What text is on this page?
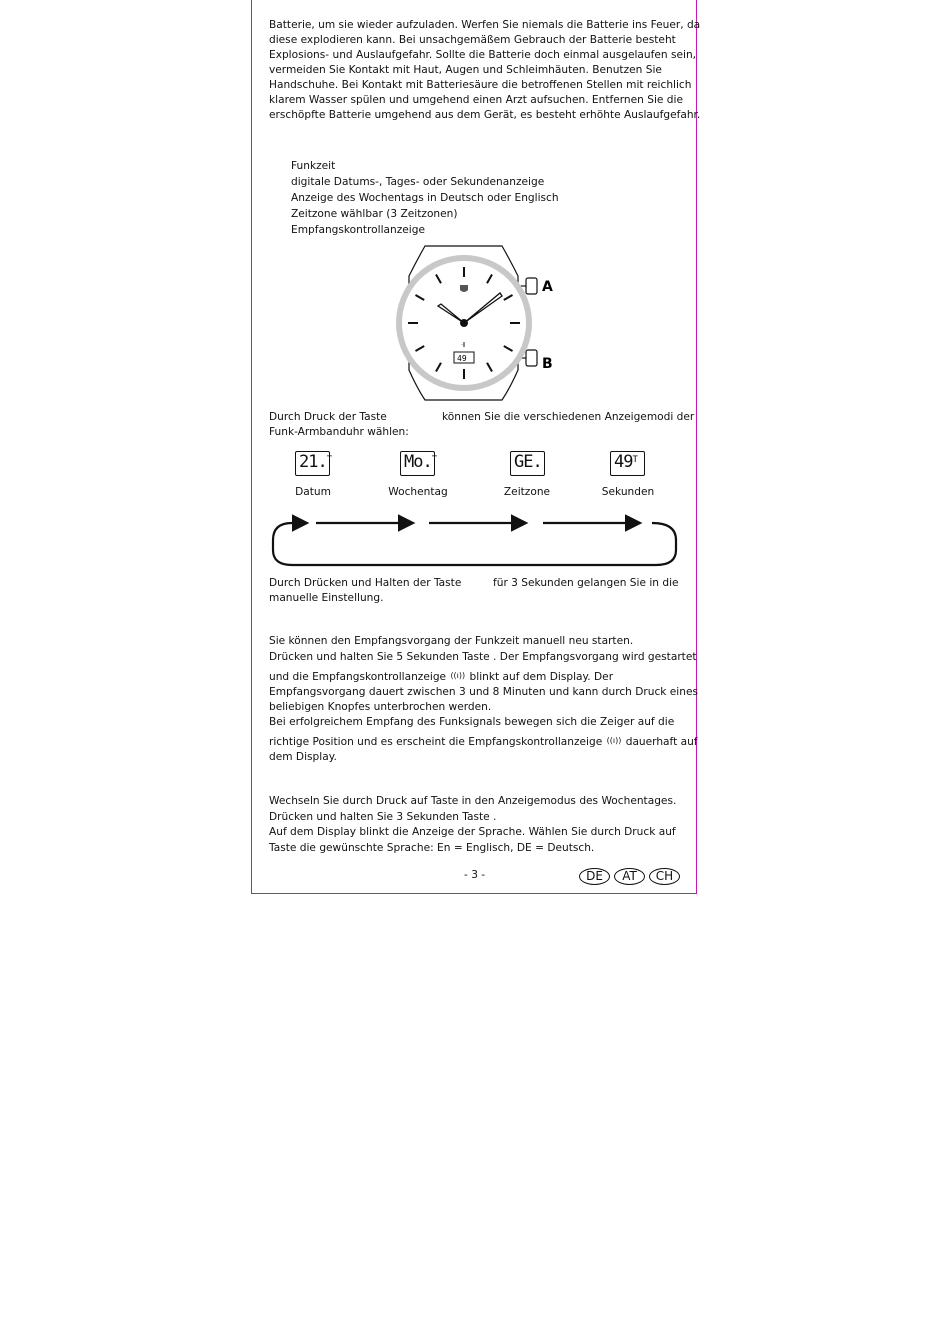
Batterie, um sie wieder aufzuladen. Werfen Sie niemals die Batterie ins Feuer, da
diese explodieren kann. Bei unsachgemäßem Gebrauch der Batterie besteht
Explosions- und Auslaufgefahr. Sollte die Batterie doch einmal ausgelaufen sein,
vermeiden Sie Kontakt mit Haut, Augen und Schleimhäuten. Benutzen Sie
Handschuhe. Bei Kontakt mit Batteriesäure die betroffenen Stellen mit reichlich
klarem Wasser spülen und umgehend einen Arzt aufsuchen. Entfernen Sie die
erschöpfte Batterie umgehend aus dem Gerät, es besteht erhöhte Auslaufgefahr.
Funkzeit
digitale Datums-, Tages- oder Sekundenanzeige
Anzeige des Wochentags in Deutsch oder Englisch
Zeitzone wählbar (3 Zeitzonen)
Empfangskontrollanzeige
ᐧ
49
A
B
Durch Druck der Taste	können Sie die verschiedenen Anzeigemodi der
Funk-Armbanduhr wählen:
21.$^T$	Mo.$^T$	GE.	$49^T$
Datum	Wochentag	Zeitzone	Sekunden
Durch Drücken und Halten der Taste	für 3 Sekunden gelangen Sie in die
manuelle Einstellung.
Sie können den Empfangsvorgang der Funkzeit manuell neu starten.
Drücken und halten Sie 5 Sekunden Taste . Der Empfangsvorgang wird gestartet
und die Empfangskontrollanzeige ((ı)) blinkt auf dem Display. Der
Empfangsvorgang dauert zwischen 3 und 8 Minuten und kann durch Druck eines
beliebigen Knopfes unterbrochen werden.
Bei erfolgreichem Empfang des Funksignals bewegen sich die Zeiger auf die
richtige Position und es erscheint die Empfangskontrollanzeige ((ı)) dauerhaft auf
dem Display.
Wechseln Sie durch Druck auf Taste in den Anzeigemodus des Wochentages.
Drücken und halten Sie 3 Sekunden Taste .
Auf dem Display blinkt die Anzeige der Sprache. Wählen Sie durch Druck auf
Taste die gewünschte Sprache: En = Englisch, DE = Deutsch.
- 3 -	DE	AT	CH
